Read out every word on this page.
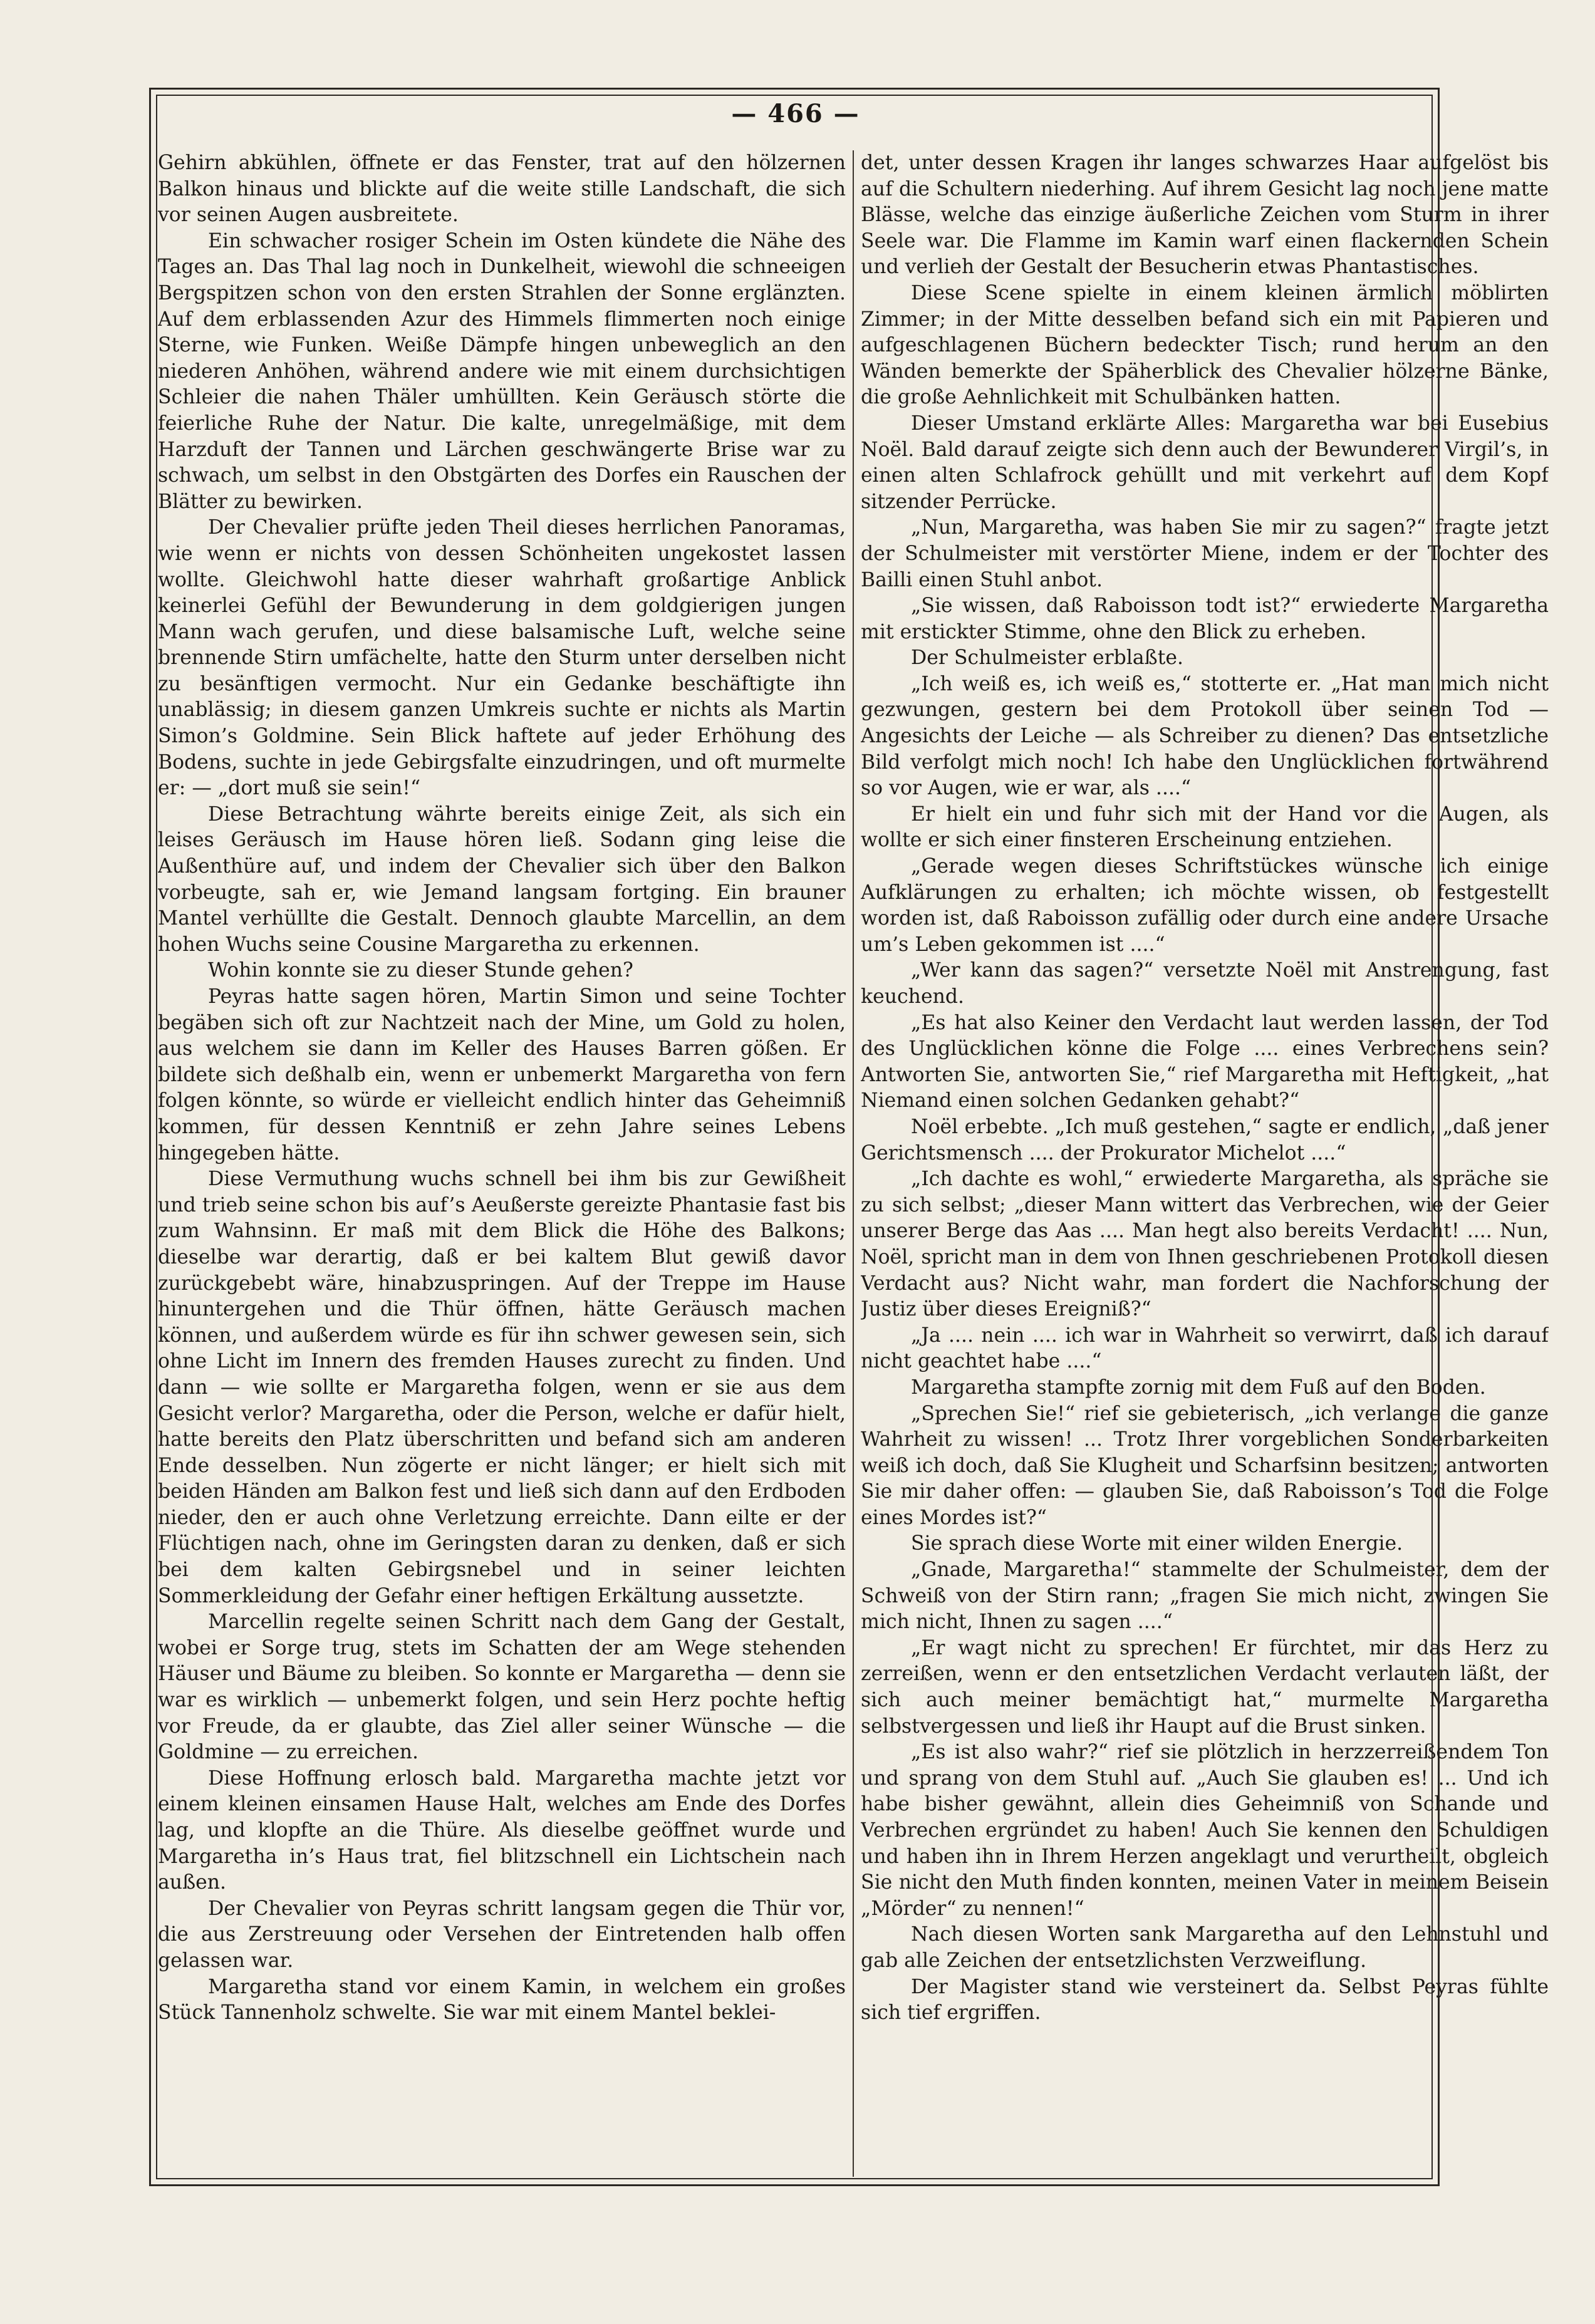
— 466 —

Gehirn abkühlen, öffnete er das Fenster, trat auf den hölzernen Balkon hinaus und blickte auf die weite stille Landschaft, die sich vor seinen Augen ausbreitete.

Ein schwacher rosiger Schein im Osten kündete die Nähe des Tages an. Das Thal lag noch in Dunkelheit, wiewohl die schneeigen Bergspitzen schon von den ersten Strahlen der Sonne erglänzten. Auf dem erblassenden Azur des Himmels flimmerten noch einige Sterne, wie Funken. Weiße Dämpfe hingen unbeweglich an den niederen Anhöhen, während andere wie mit einem durchsichtigen Schleier die nahen Thäler umhüllten. Kein Geräusch störte die feierliche Ruhe der Natur. Die kalte, unregelmäßige, mit dem Harzduft der Tannen und Lärchen geschwängerte Brise war zu schwach, um selbst in den Obstgärten des Dorfes ein Rauschen der Blätter zu bewirken.

Der Chevalier prüfte jeden Theil dieses herrlichen Panoramas, wie wenn er nichts von dessen Schönheiten ungekostet lassen wollte. Gleichwohl hatte dieser wahrhaft großartige Anblick keinerlei Gefühl der Bewunderung in dem goldgierigen jungen Mann wach gerufen, und diese balsamische Luft, welche seine brennende Stirn umfächelte, hatte den Sturm unter derselben nicht zu besänftigen vermocht. Nur ein Gedanke beschäftigte ihn unablässig; in diesem ganzen Umkreis suchte er nichts als Martin Simon’s Goldmine. Sein Blick haftete auf jeder Erhöhung des Bodens, suchte in jede Gebirgsfalte einzudringen, und oft murmelte er: — „dort muß sie sein!“

Diese Betrachtung währte bereits einige Zeit, als sich ein leises Geräusch im Hause hören ließ. Sodann ging leise die Außenthüre auf, und indem der Chevalier sich über den Balkon vorbeugte, sah er, wie Jemand langsam fortging. Ein brauner Mantel verhüllte die Gestalt. Dennoch glaubte Marcellin, an dem hohen Wuchs seine Cousine Margaretha zu erkennen.

Wohin konnte sie zu dieser Stunde gehen?

Peyras hatte sagen hören, Martin Simon und seine Tochter begäben sich oft zur Nachtzeit nach der Mine, um Gold zu holen, aus welchem sie dann im Keller des Hauses Barren gößen. Er bildete sich deßhalb ein, wenn er unbemerkt Margaretha von fern folgen könnte, so würde er vielleicht endlich hinter das Geheimniß kommen, für dessen Kenntniß er zehn Jahre seines Lebens hingegeben hätte.

Diese Vermuthung wuchs schnell bei ihm bis zur Gewißheit und trieb seine schon bis auf’s Aeußerste gereizte Phantasie fast bis zum Wahnsinn. Er maß mit dem Blick die Höhe des Balkons; dieselbe war derartig, daß er bei kaltem Blut gewiß davor zurückgebebt wäre, hinabzuspringen. Auf der Treppe im Hause hinuntergehen und die Thür öffnen, hätte Geräusch machen können, und außerdem würde es für ihn schwer gewesen sein, sich ohne Licht im Innern des fremden Hauses zurecht zu finden. Und dann — wie sollte er Margaretha folgen, wenn er sie aus dem Gesicht verlor? Margaretha, oder die Person, welche er dafür hielt, hatte bereits den Platz überschritten und befand sich am anderen Ende desselben. Nun zögerte er nicht länger; er hielt sich mit beiden Händen am Balkon fest und ließ sich dann auf den Erdboden nieder, den er auch ohne Verletzung erreichte. Dann eilte er der Flüchtigen nach, ohne im Geringsten daran zu denken, daß er sich bei dem kalten Gebirgsnebel und in seiner leichten Sommerkleidung der Gefahr einer heftigen Erkältung aussetzte.

Marcellin regelte seinen Schritt nach dem Gang der Gestalt, wobei er Sorge trug, stets im Schatten der am Wege stehenden Häuser und Bäume zu bleiben. So konnte er Margaretha — denn sie war es wirklich — unbemerkt folgen, und sein Herz pochte heftig vor Freude, da er glaubte, das Ziel aller seiner Wünsche — die Goldmine — zu erreichen.

Diese Hoffnung erlosch bald. Margaretha machte jetzt vor einem kleinen einsamen Hause Halt, welches am Ende des Dorfes lag, und klopfte an die Thüre. Als dieselbe geöffnet wurde und Margaretha in’s Haus trat, fiel blitzschnell ein Lichtschein nach außen.

Der Chevalier von Peyras schritt langsam gegen die Thür vor, die aus Zerstreuung oder Versehen der Eintretenden halb offen gelassen war.

Margaretha stand vor einem Kamin, in welchem ein großes Stück Tannenholz schwelte. Sie war mit einem Mantel beklei-

det, unter dessen Kragen ihr langes schwarzes Haar aufgelöst bis auf die Schultern niederhing. Auf ihrem Gesicht lag noch jene matte Blässe, welche das einzige äußerliche Zeichen vom Sturm in ihrer Seele war. Die Flamme im Kamin warf einen flackernden Schein und verlieh der Gestalt der Besucherin etwas Phantastisches.

Diese Scene spielte in einem kleinen ärmlich möblirten Zimmer; in der Mitte desselben befand sich ein mit Papieren und aufgeschlagenen Büchern bedeckter Tisch; rund herum an den Wänden bemerkte der Späherblick des Chevalier hölzerne Bänke, die große Aehnlichkeit mit Schulbänken hatten.

Dieser Umstand erklärte Alles: Margaretha war bei Eusebius Noël. Bald darauf zeigte sich denn auch der Bewunderer Virgil’s, in einen alten Schlafrock gehüllt und mit verkehrt auf dem Kopf sitzender Perrücke.

„Nun, Margaretha, was haben Sie mir zu sagen?“ fragte jetzt der Schulmeister mit verstörter Miene, indem er der Tochter des Bailli einen Stuhl anbot.

„Sie wissen, daß Raboisson todt ist?“ erwiederte Margaretha mit erstickter Stimme, ohne den Blick zu erheben.

Der Schulmeister erblaßte.

„Ich weiß es, ich weiß es,“ stotterte er. „Hat man mich nicht gezwungen, gestern bei dem Protokoll über seinen Tod — Angesichts der Leiche — als Schreiber zu dienen? Das entsetzliche Bild verfolgt mich noch! Ich habe den Unglücklichen fortwährend so vor Augen, wie er war, als ....“

Er hielt ein und fuhr sich mit der Hand vor die Augen, als wollte er sich einer finsteren Erscheinung entziehen.

„Gerade wegen dieses Schriftstückes wünsche ich einige Aufklärungen zu erhalten; ich möchte wissen, ob festgestellt worden ist, daß Raboisson zufällig oder durch eine andere Ursache um’s Leben gekommen ist ....“

„Wer kann das sagen?“ versetzte Noël mit Anstrengung, fast keuchend.

„Es hat also Keiner den Verdacht laut werden lassen, der Tod des Unglücklichen könne die Folge .... eines Verbrechens sein? Antworten Sie, antworten Sie,“ rief Margaretha mit Heftigkeit, „hat Niemand einen solchen Gedanken gehabt?“

Noël erbebte. „Ich muß gestehen,“ sagte er endlich, „daß jener Gerichtsmensch .... der Prokurator Michelot ....“

„Ich dachte es wohl,“ erwiederte Margaretha, als spräche sie zu sich selbst; „dieser Mann wittert das Verbrechen, wie der Geier unserer Berge das Aas .... Man hegt also bereits Verdacht! .... Nun, Noël, spricht man in dem von Ihnen geschriebenen Protokoll diesen Verdacht aus? Nicht wahr, man fordert die Nachforschung der Justiz über dieses Ereigniß?“

„Ja .... nein .... ich war in Wahrheit so verwirrt, daß ich darauf nicht geachtet habe ....“

Margaretha stampfte zornig mit dem Fuß auf den Boden.

„Sprechen Sie!“ rief sie gebieterisch, „ich verlange die ganze Wahrheit zu wissen! ... Trotz Ihrer vorgeblichen Sonderbarkeiten weiß ich doch, daß Sie Klugheit und Scharfsinn besitzen; antworten Sie mir daher offen: — glauben Sie, daß Raboisson’s Tod die Folge eines Mordes ist?“

Sie sprach diese Worte mit einer wilden Energie.

„Gnade, Margaretha!“ stammelte der Schulmeister, dem der Schweiß von der Stirn rann; „fragen Sie mich nicht, zwingen Sie mich nicht, Ihnen zu sagen ....“

„Er wagt nicht zu sprechen! Er fürchtet, mir das Herz zu zerreißen, wenn er den entsetzlichen Verdacht verlauten läßt, der sich auch meiner bemächtigt hat,“ murmelte Margaretha selbstvergessen und ließ ihr Haupt auf die Brust sinken.

„Es ist also wahr?“ rief sie plötzlich in herzzerreißendem Ton und sprang von dem Stuhl auf. „Auch Sie glauben es! ... Und ich habe bisher gewähnt, allein dies Geheimniß von Schande und Verbrechen ergründet zu haben! Auch Sie kennen den Schuldigen und haben ihn in Ihrem Herzen angeklagt und verurtheilt, obgleich Sie nicht den Muth finden konnten, meinen Vater in meinem Beisein „Mörder“ zu nennen!“

Nach diesen Worten sank Margaretha auf den Lehnstuhl und gab alle Zeichen der entsetzlichsten Verzweiflung.

Der Magister stand wie versteinert da. Selbst Peyras fühlte sich tief ergriffen.
